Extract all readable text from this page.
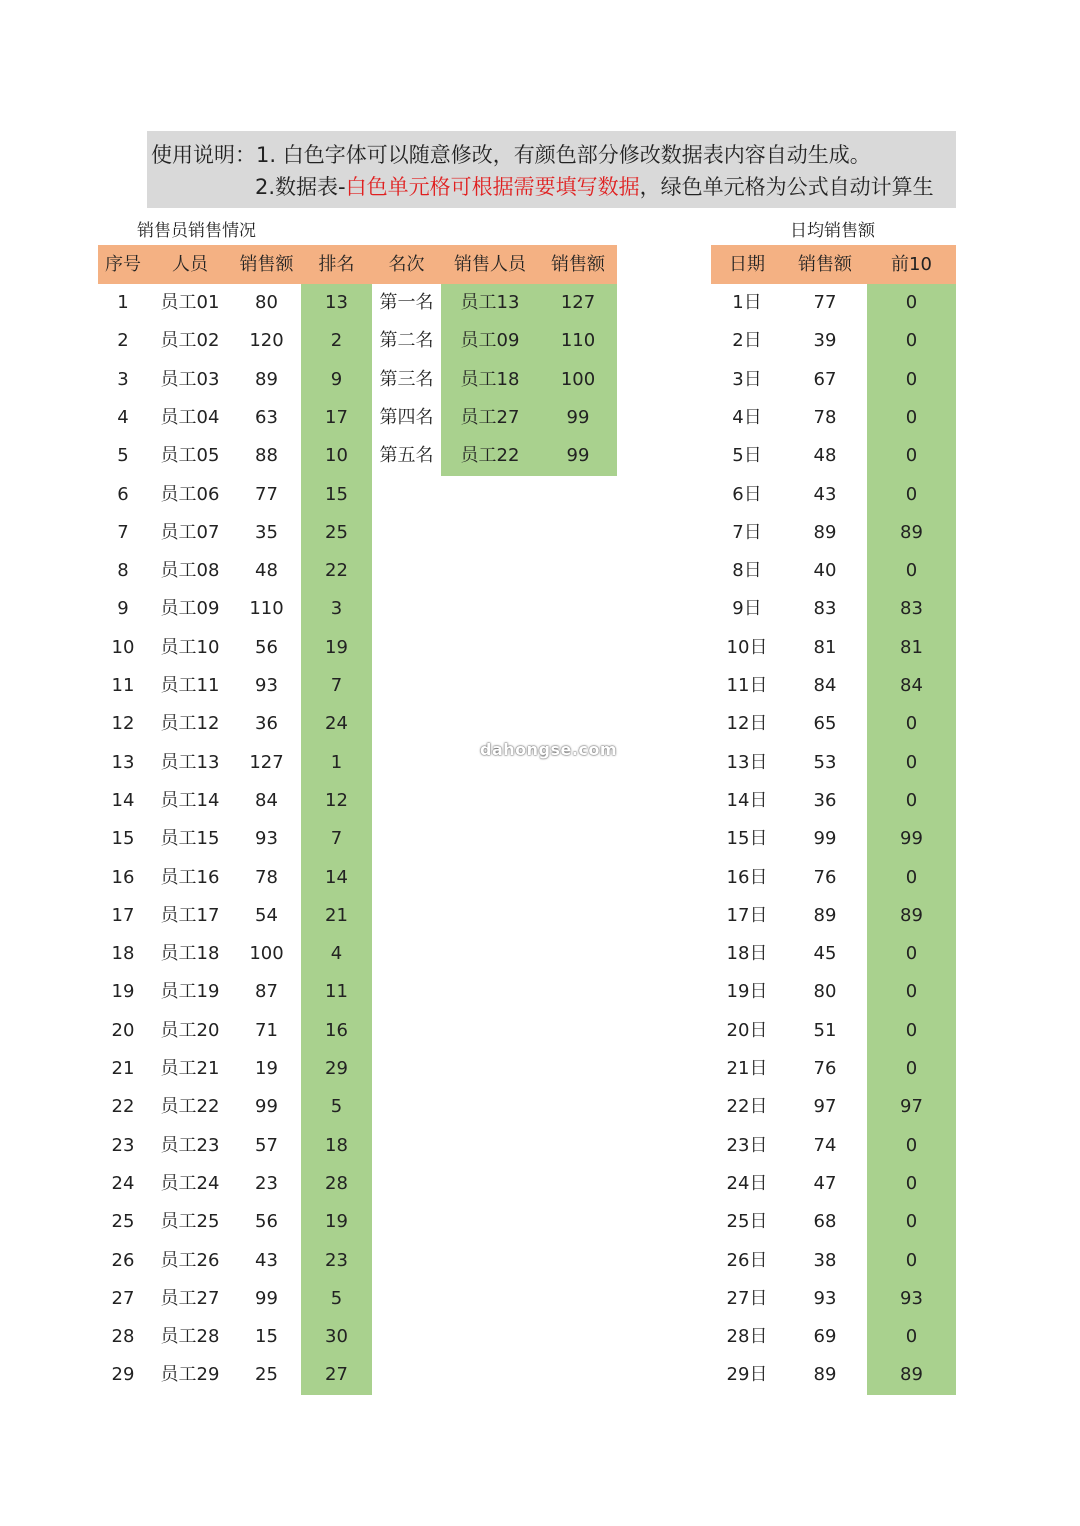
使用说明：1. 白色字体可以随意修改，有颜色部分修改数据表内容自动生成。
2.数据表-白色单元格可根据需要填写数据，绿色单元格为公式自动计算生
销售员销售情况	日均销售额
序号	人员	销售额	排名	名次	销售人员	销售额	日期	销售额	前10
1	员工01	80	13
2	员工02	120	2
3	员工03	89	9
4	员工04	63	17
5	员工05	88	10
6	员工06	77	15
7	员工07	35	25
8	员工08	48	22
9	员工09	110	3
10	员工10	56	19
11	员工11	93	7
12	员工12	36	24
13	员工13	127	1
14	员工14	84	12
15	员工15	93	7
16	员工16	78	14
17	员工17	54	21
18	员工18	100	4
19	员工19	87	11
20	员工20	71	16
21	员工21	19	29
22	员工22	99	5
23	员工23	57	18
24	员工24	23	28
25	员工25	56	19
26	员工26	43	23
27	员工27	99	5
28	员工28	15	30
29	员工29	25	27
第一名	员工13	127
第二名	员工09	110
第三名	员工18	100
第四名	员工27	99
第五名	员工22	99
1日	77	0
2日	39	0
3日	67	0
4日	78	0
5日	48	0
6日	43	0
7日	89	89
8日	40	0
9日	83	83
10日	81	81
11日	84	84
12日	65	0
13日	53	0
14日	36	0
15日	99	99
16日	76	0
17日	89	89
18日	45	0
19日	80	0
20日	51	0
21日	76	0
22日	97	97
23日	74	0
24日	47	0
25日	68	0
26日	38	0
27日	93	93
28日	69	0
29日	89	89
dahongse.com
